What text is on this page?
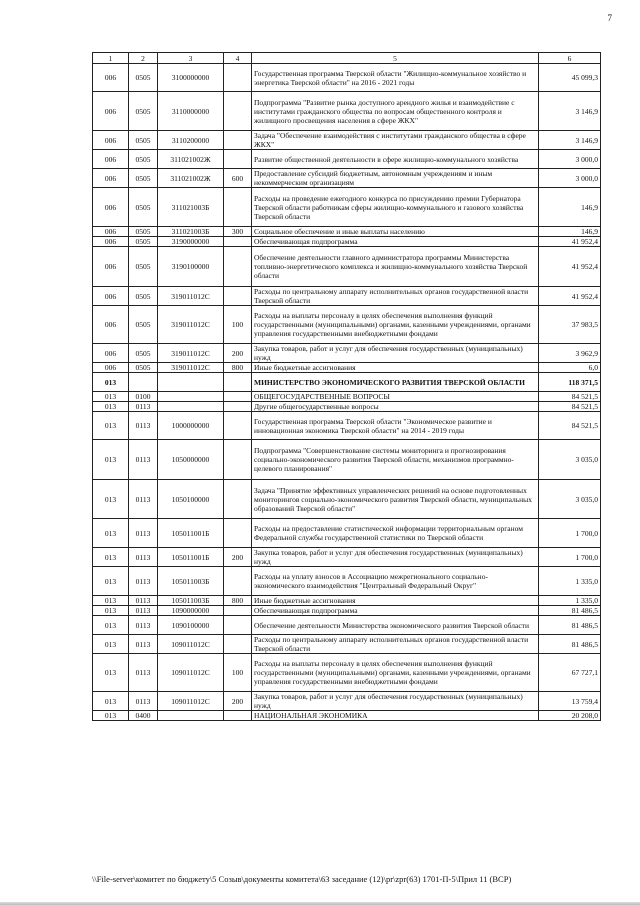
7
1	2	3	4	5	6
006	0505	3100000000		Государственная программа Тверской области "Жилищно-коммунальное хозяйство и энергетика Тверской области" на 2016 - 2021 годы	45 099,3
006	0505	3110000000		Подпрограмма "Развитие рынка доступного арендного жилья и взаимодействие с институтами гражданского общества по вопросам общественного контроля и жилищного просвещения населения в сфере ЖКХ"	3 146,9
006	0505	3110200000		Задача "Обеспечение взаимодействия с институтами гражданского общества в сфере ЖКХ"	3 146,9
006	0505	311021002Ж		Развитие общественной деятельности в сфере жилищно-коммунального хозяйства	3 000,0
006	0505	311021002Ж	600	Предоставление субсидий бюджетным, автономным учреждениям и иным некоммерческим организациям	3 000,0
006	0505	311021003Б		Расходы на проведение ежегодного конкурса по присуждению премии Губернатора Тверской области работникам сферы жилищно-коммунального и газового хозяйства Тверской области	146,9
006	0505	311021003Б	300	Социальное обеспечение и иные выплаты населению	146,9
006	0505	3190000000		Обеспечивающая подпрограмма	41 952,4
006	0505	3190100000		Обеспечение деятельности главного администратора программы Министерства топливно-энергетического комплекса и жилищно-коммунального хозяйства Тверской области	41 952,4
006	0505	319011012С		Расходы по центральному аппарату исполнительных органов государственной власти Тверской области	41 952,4
006	0505	319011012С	100	Расходы на выплаты персоналу в целях обеспечения выполнения функций государственными (муниципальными) органами, казенными учреждениями, органами управления государственными внебюджетными фондами	37 983,5
006	0505	319011012С	200	Закупка товаров, работ и услуг для обеспечения государственных (муниципальных) нужд	3 962,9
006	0505	319011012С	800	Иные бюджетные ассигнования	6,0
013				МИНИСТЕРСТВО ЭКОНОМИЧЕСКОГО РАЗВИТИЯ ТВЕРСКОЙ ОБЛАСТИ	118 371,5
013	0100			ОБЩЕГОСУДАРСТВЕННЫЕ ВОПРОСЫ	84 521,5
013	0113			Другие общегосударственные вопросы	84 521,5
013	0113	1000000000		Государственная программа Тверской области "Экономическое развитие и инновационная экономика Тверской области" на 2014 - 2019 годы	84 521,5
013	0113	1050000000		Подпрограмма "Совершенствование системы мониторинга и прогнозирования социально-экономического развития Тверской области, механизмов программно-целевого планирования"	3 035,0
013	0113	1050100000		Задача "Принятие эффективных управленческих решений на основе подготовленных мониторингов социально-экономического развития Тверской области, муниципальных образований Тверской области"	3 035,0
013	0113	105011001Б		Расходы на предоставление статистической информации территориальным органом Федеральной службы государственной статистики по Тверской области	1 700,0
013	0113	105011001Б	200	Закупка товаров, работ и услуг для обеспечения государственных (муниципальных) нужд	1 700,0
013	0113	105011003Б		Расходы на уплату взносов в Ассоциацию межрегионального социально-экономического взаимодействия "Центральный Федеральный Округ"	1 335,0
013	0113	105011003Б	800	Иные бюджетные ассигнования	1 335,0
013	0113	1090000000		Обеспечивающая подпрограмма	81 486,5
013	0113	1090100000		Обеспечение деятельности Министерства экономического развития Тверской области	81 486,5
013	0113	109011012С		Расходы по центральному аппарату исполнительных органов государственной власти Тверской области	81 486,5
013	0113	109011012С	100	Расходы на выплаты персоналу в целях обеспечения выполнения функций государственными (муниципальными) органами, казенными учреждениями, органами управления государственными внебюджетными фондами	67 727,1
013	0113	109011012С	200	Закупка товаров, работ и услуг для обеспечения государственных (муниципальных) нужд	13 759,4
013	0400			НАЦИОНАЛЬНАЯ ЭКОНОМИКА	20 208,0
\\File-server\комитет по бюджету\5 Созыв\документы комитета\63 заседание (12)\pr\zpr(63) 1701-П-5\Прил 11 (ВСР)
